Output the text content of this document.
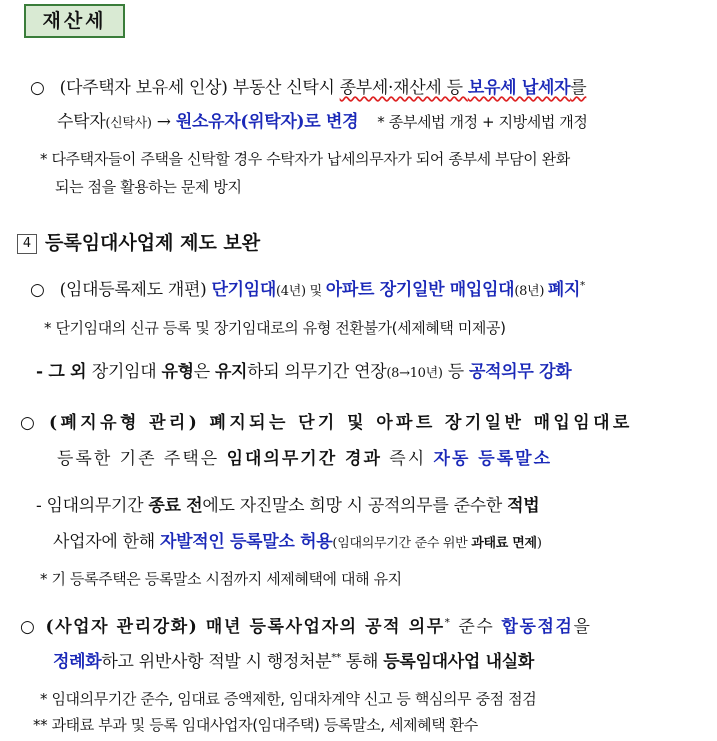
재산세
○ (다주택자 보유세 인상) 부동산 신탁시 종부세·재산세 등 보유세 납세자를
수탁자(신탁사) → 원소유자(위탁자)로 변경 * 종부세법 개정 + 지방세법 개정
* 다주택자들이 주택을 신탁할 경우 수탁자가 납세의무자가 되어 종부세 부담이 완화
되는 점을 활용하는 문제 방지
4 등록임대사업제 제도 보완
○ (임대등록제도 개편) 단기임대(4년) 및 아파트 장기일반 매입임대(8년) 폐지*
* 단기임대의 신규 등록 및 장기임대로의 유형 전환불가(세제혜택 미제공)
- 그 외 장기임대 유형은 유지하되 의무기간 연장(8→10년) 등 공적의무 강화
○ (폐지유형 관리) 폐지되는 단기 및 아파트 장기일반 매입임대로
등록한 기존 주택은 임대의무기간 경과 즉시 자동 등록말소
- 임대의무기간 종료 전에도 자진말소 희망 시 공적의무를 준수한 적법
사업자에 한해 자발적인 등록말소 허용(임대의무기간 준수 위반 과태료 면제)
* 기 등록주택은 등록말소 시점까지 세제혜택에 대해 유지
○ (사업자 관리강화) 매년 등록사업자의 공적 의무* 준수 합동점검을
정례화하고 위반사항 적발 시 행정처분** 통해 등록임대사업 내실화
* 임대의무기간 준수, 임대료 증액제한, 임대차계약 신고 등 핵심의무 중점 점검
** 과태료 부과 및 등록 임대사업자(임대주택) 등록말소, 세제혜택 환수
